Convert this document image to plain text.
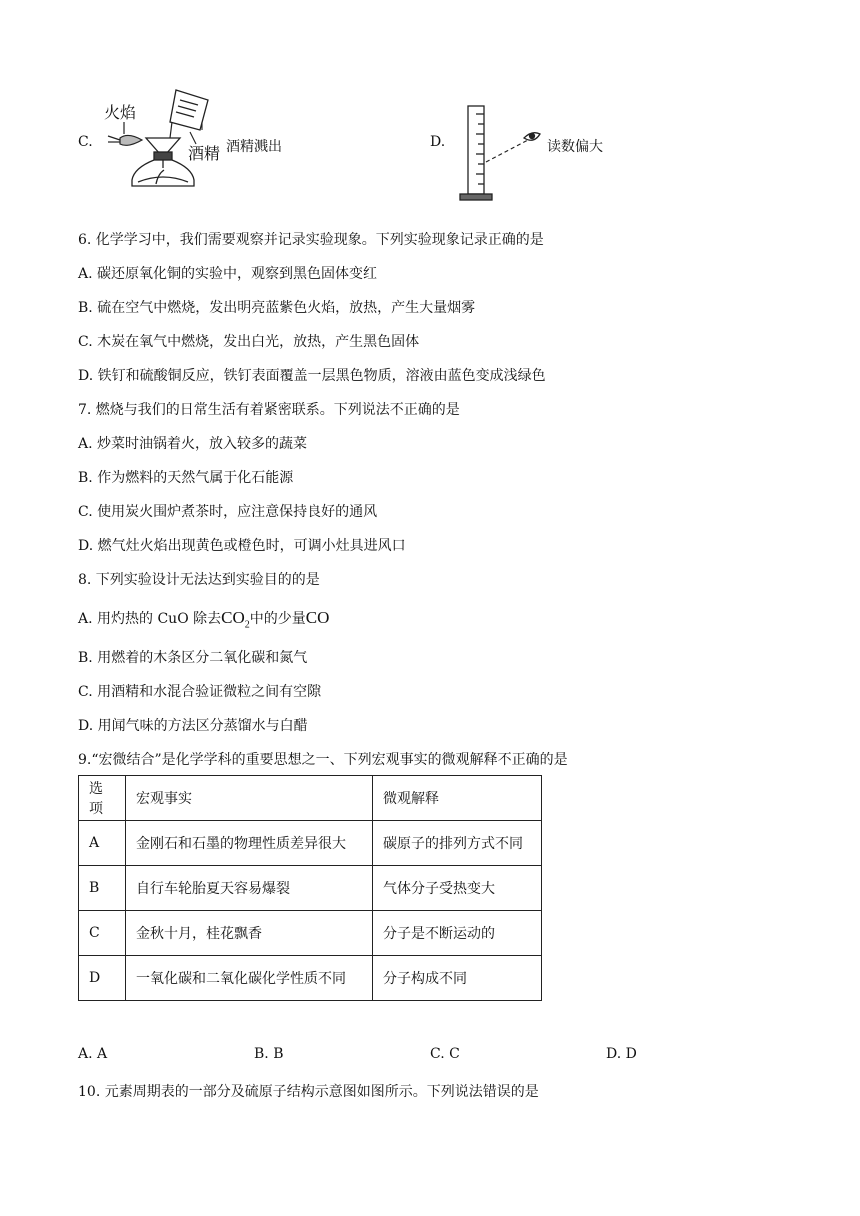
C.
火焰
酒精 酒精溅出	D.	读数偏大
6. 化学学习中，我们需要观察并记录实验现象。下列实验现象记录正确的是
A. 碳还原氧化铜的实验中，观察到黑色固体变红
B. 硫在空气中燃烧，发出明亮蓝紫色火焰，放热，产生大量烟雾
C. 木炭在氧气中燃烧，发出白光，放热，产生黑色固体
D. 铁钉和硫酸铜反应，铁钉表面覆盖一层黑色物质，溶液由蓝色变成浅绿色
7. 燃烧与我们的日常生活有着紧密联系。下列说法不正确的是
A. 炒菜时油锅着火，放入较多的蔬菜
B. 作为燃料的天然气属于化石能源
C. 使用炭火围炉煮茶时，应注意保持良好的通风
D. 燃气灶火焰出现黄色或橙色时，可调小灶具进风口
8. 下列实验设计无法达到实验目的的是
A. 用灼热的 CuO 除去$CO_2$中的少量CO
B. 用燃着的木条区分二氧化碳和氮气
C. 用酒精和水混合验证微粒之间有空隙
D. 用闻气味的方法区分蒸馏水与白醋
9.“宏微结合”是化学学科的重要思想之一、下列宏观事实的微观解释不正确的是
选项	宏观事实	微观解释
A	金刚石和石墨的物理性质差异很大	碳原子的排列方式不同
B	自行车轮胎夏天容易爆裂	气体分子受热变大
C	金秋十月，桂花飘香	分子是不断运动的
D	一氧化碳和二氧化碳化学性质不同	分子构成不同
A. A	B. B	C. C	D. D
10. 元素周期表的一部分及硫原子结构示意图如图所示。下列说法错误的是
